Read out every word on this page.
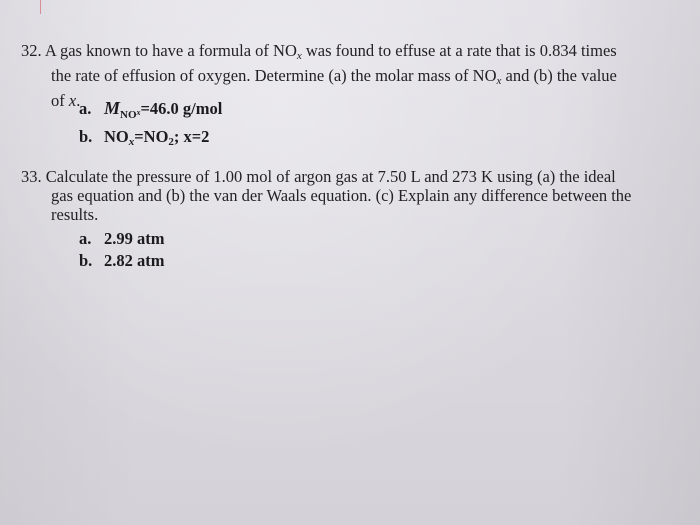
32. A gas known to have a formula of NOx was found to effuse at a rate that is 0.834 times
the rate of effusion of oxygen. Determine (a) the molar mass of NOx and (b) the value
of x.
a. $M_{NO^x}=46.0$ g/mol
b. NOx=NO2; x=2
33. Calculate the pressure of 1.00 mol of argon gas at 7.50 L and 273 K using (a) the ideal
gas equation and (b) the van der Waals equation. (c) Explain any difference between the
results.
a. 2.99 atm
b. 2.82 atm
